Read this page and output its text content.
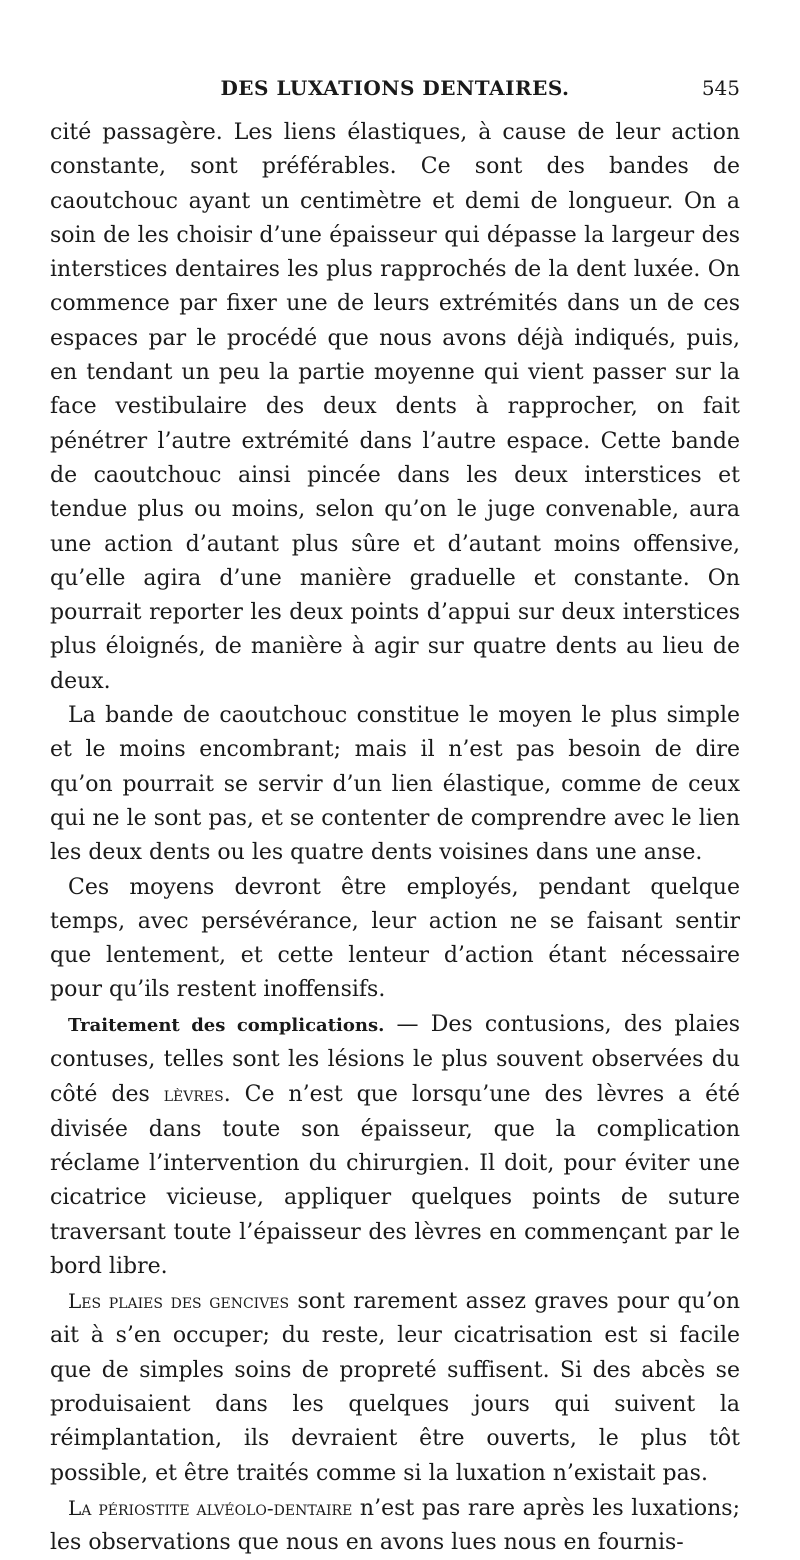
DES LUXATIONS DENTAIRES.	545

cité passagère. Les liens élastiques, à cause de leur action constante, sont préférables. Ce sont des bandes de caoutchouc ayant un centimètre et demi de longueur. On a soin de les choisir d’une épaisseur qui dépasse la largeur des interstices dentaires les plus rapprochés de la dent luxée. On commence par fixer une de leurs extrémités dans un de ces espaces par le procédé que nous avons déjà indiqués, puis, en tendant un peu la partie moyenne qui vient passer sur la face vestibulaire des deux dents à rapprocher, on fait pénétrer l’autre extrémité dans l’autre espace. Cette bande de caoutchouc ainsi pincée dans les deux interstices et tendue plus ou moins, selon qu’on le juge convenable, aura une action d’autant plus sûre et d’autant moins offensive, qu’elle agira d’une manière graduelle et constante. On pourrait reporter les deux points d’appui sur deux interstices plus éloignés, de manière à agir sur quatre dents au lieu de deux.

La bande de caoutchouc constitue le moyen le plus simple et le moins encombrant; mais il n’est pas besoin de dire qu’on pourrait se servir d’un lien élastique, comme de ceux qui ne le sont pas, et se contenter de comprendre avec le lien les deux dents ou les quatre dents voisines dans une anse.

Ces moyens devront être employés, pendant quelque temps, avec persévérance, leur action ne se faisant sentir que lentement, et cette lenteur d’action étant nécessaire pour qu’ils restent inoffensifs.

Traitement des complications. — Des contusions, des plaies contuses, telles sont les lésions le plus souvent observées du côté des lèvres. Ce n’est que lorsqu’une des lèvres a été divisée dans toute son épaisseur, que la complication réclame l’intervention du chirurgien. Il doit, pour éviter une cicatrice vicieuse, appliquer quelques points de suture traversant toute l’épaisseur des lèvres en commençant par le bord libre.

Les plaies des gencives sont rarement assez graves pour qu’on ait à s’en occuper; du reste, leur cicatrisation est si facile que de simples soins de propreté suffisent. Si des abcès se produisaient dans les quelques jours qui suivent la réimplantation, ils devraient être ouverts, le plus tôt possible, et être traités comme si la luxation n’existait pas.

La périostite alvéolo-dentaire n’est pas rare après les luxations; les observations que nous en avons lues nous en fournis-
